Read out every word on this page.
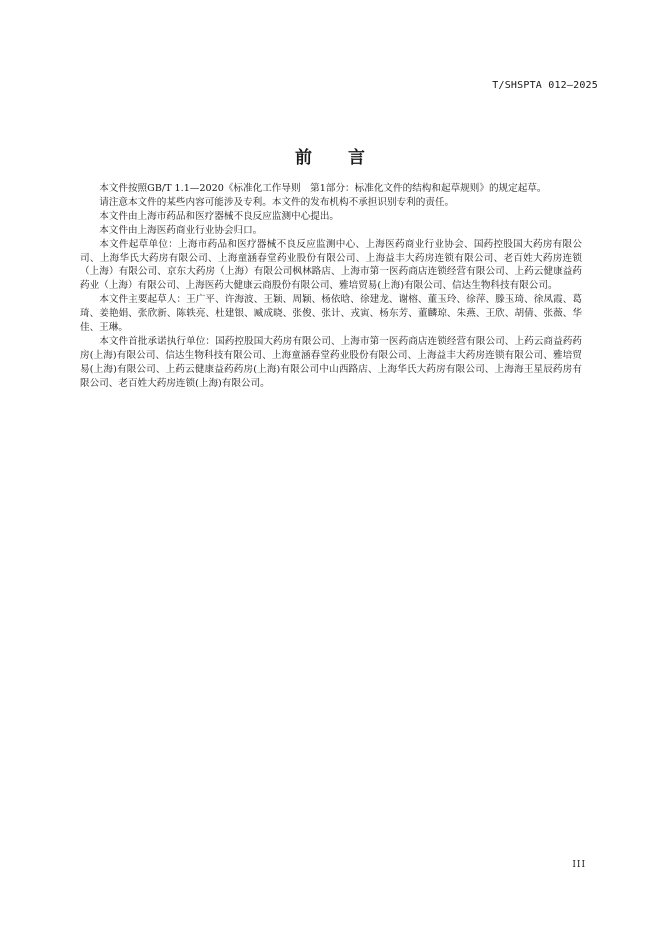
T/SHSPTA 012—2025
前 言

本文件按照GB/T 1.1—2020《标准化工作导则　第1部分：标准化文件的结构和起草规则》的规定起草。

请注意本文件的某些内容可能涉及专利。本文件的发布机构不承担识别专利的责任。

本文件由上海市药品和医疗器械不良反应监测中心提出。

本文件由上海医药商业行业协会归口。

本文件起草单位：上海市药品和医疗器械不良反应监测中心、上海医药商业行业协会、国药控股国大药房有限公司、上海华氏大药房有限公司、上海童涵春堂药业股份有限公司、上海益丰大药房连锁有限公司、老百姓大药房连锁（上海）有限公司、京东大药房（上海）有限公司枫林路店、上海市第一医药商店连锁经营有限公司、上药云健康益药药业（上海）有限公司、上海医药大健康云商股份有限公司、雅培贸易(上海)有限公司、信达生物科技有限公司。

本文件主要起草人：王广平、许海波、王颖、周颖、杨依晗、徐建龙、谢榕、董玉玲、徐萍、滕玉琦、徐凤霞、葛琦、姜艳娟、张欣新、陈轶亮、杜建银、臧成晓、张俊、张计、戎寅、杨东芳、董麟琼、朱燕、王欣、胡倩、张薇、华佳、王琳。

本文件首批承诺执行单位：国药控股国大药房有限公司、上海市第一医药商店连锁经营有限公司、上药云商益药药房(上海)有限公司、信达生物科技有限公司、上海童涵春堂药业股份有限公司、上海益丰大药房连锁有限公司、雅培贸易(上海)有限公司、上药云健康益药药房(上海)有限公司中山西路店、上海华氏大药房有限公司、上海海王星辰药房有限公司、老百姓大药房连锁(上海)有限公司。

III
